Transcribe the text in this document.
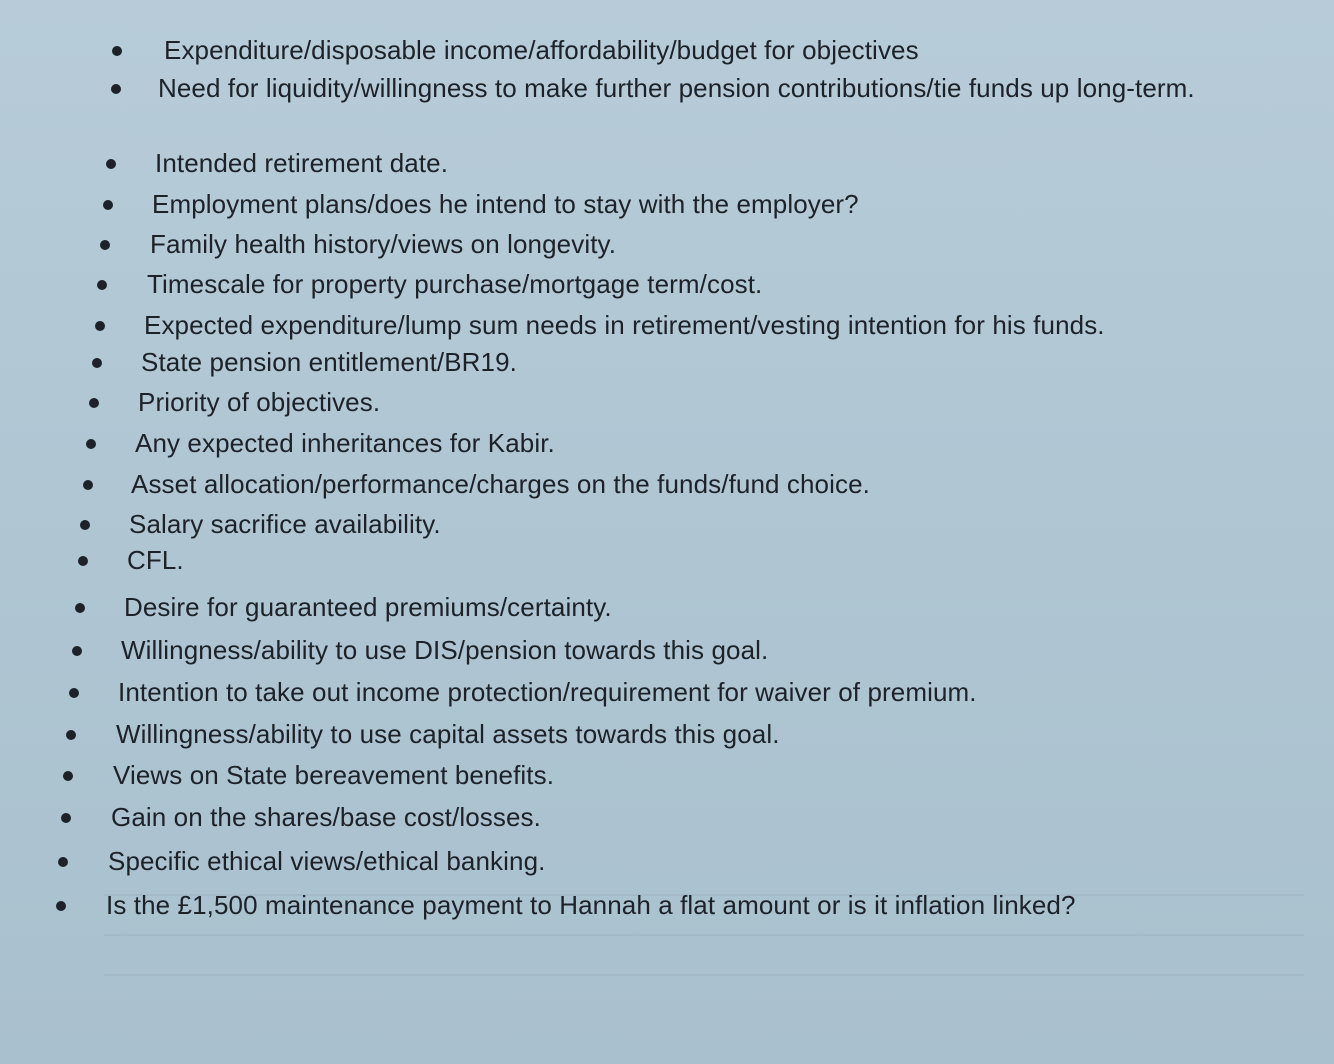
Expenditure/disposable income/affordability/budget for objectives
Need for liquidity/willingness to make further pension contributions/tie funds up long-term.
Intended retirement date.
Employment plans/does he intend to stay with the employer?
Family health history/views on longevity.
Timescale for property purchase/mortgage term/cost.
Expected expenditure/lump sum needs in retirement/vesting intention for his funds.
State pension entitlement/BR19.
Priority of objectives.
Any expected inheritances for Kabir.
Asset allocation/performance/charges on the funds/fund choice.
Salary sacrifice availability.
CFL.
Desire for guaranteed premiums/certainty.
Willingness/ability to use DIS/pension towards this goal.
Intention to take out income protection/requirement for waiver of premium.
Willingness/ability to use capital assets towards this goal.
Views on State bereavement benefits.
Gain on the shares/base cost/losses.
Specific ethical views/ethical banking.
Is the £1,500 maintenance payment to Hannah a flat amount or is it inflation linked?
